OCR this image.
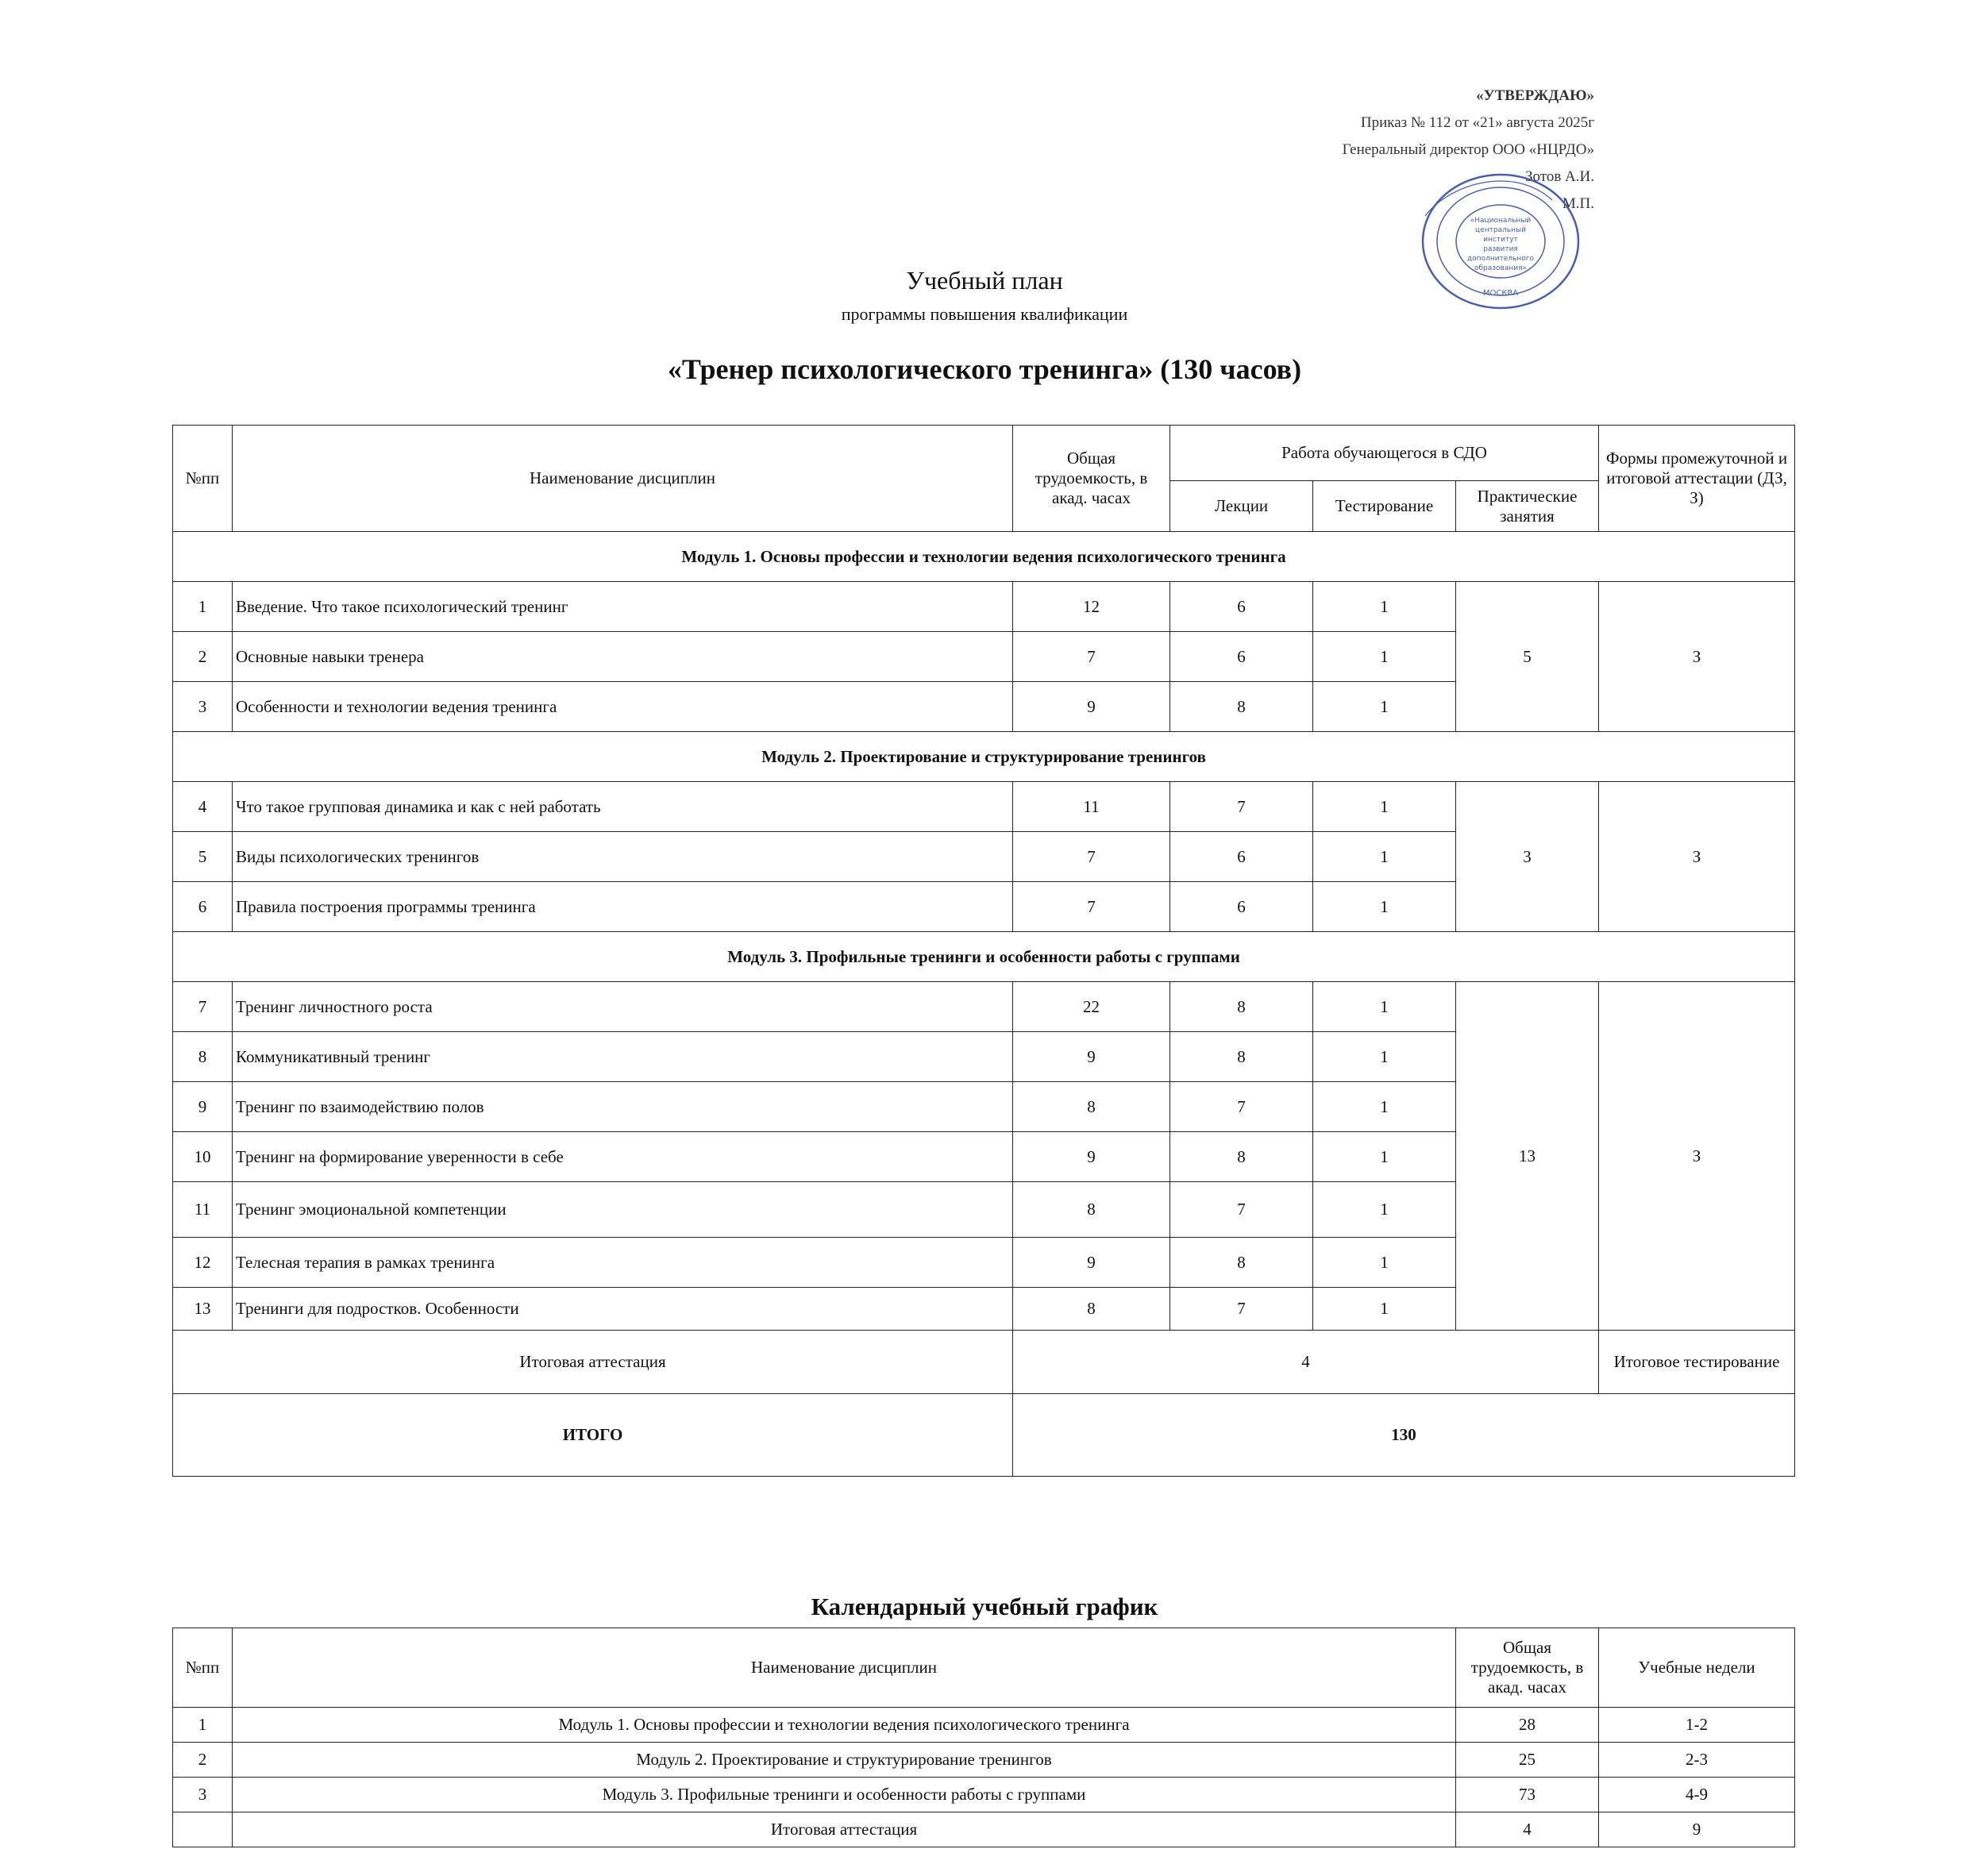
«УТВЕРЖДАЮ»
Приказ № 112 от «21» августа 2025г
Генеральный директор ООО «НЦРДО»
Зотов А.И.
М.П.
«Национальный
центральный
институт
развития
дополнительного
образования»
МОСКВА
Учебный план
программы повышения квалификации
«Тренер психологического тренинга» (130 часов)
№пп	Наименование дисциплин	Общая трудоемкость, в акад. часах	Работа обучающегося в СДО			Формы промежуточной и итоговой аттестации (ДЗ, З)
			Лекции	Тестирование	Практические занятия	
Модуль 1. Основы профессии и технологии ведения психологического тренинга						
1	Введение. Что такое психологический тренинг	12	6	1	5	З
2	Основные навыки тренера	7	6	1		
3	Особенности и технологии ведения тренинга	9	8	1		
Модуль 2. Проектирование и структурирование тренингов						
4	Что такое групповая динамика и как с ней работать	11	7	1	3	З
5	Виды психологических тренингов	7	6	1		
6	Правила построения программы тренинга	7	6	1		
Модуль 3. Профильные тренинги и особенности работы с группами						
7	Тренинг личностного роста	22	8	1	13	З
8	Коммуникативный тренинг	9	8	1		
9	Тренинг по взаимодействию полов	8	7	1		
10	Тренинг на формирование уверенности в себе	9	8	1		
11	Тренинг эмоциональной компетенции	8	7	1		
12	Телесная терапия в рамках тренинга	9	8	1		
13	Тренинги для подростков. Особенности	8	7	1		
Итоговая аттестация		4				Итоговое тестирование
ИТОГО		130				
Календарный учебный график
№пп	Наименование дисциплин	Общая трудоемкость, в акад. часах	Учебные недели
1	Модуль 1. Основы профессии и технологии ведения психологического тренинга	28	1-2
2	Модуль 2. Проектирование и структурирование тренингов	25	2-3
3	Модуль 3. Профильные тренинги и особенности работы с группами	73	4-9
	Итоговая аттестация	4	9
